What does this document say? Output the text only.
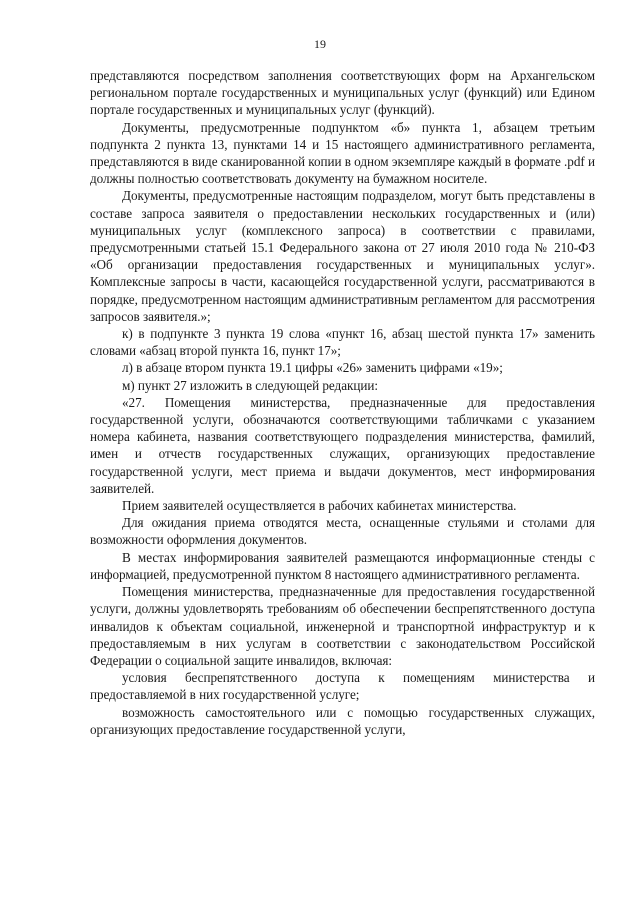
19

представляются посредством заполнения соответствующих форм на Архангельском региональном портале государственных и муниципальных услуг (функций) или Едином портале государственных и муниципальных услуг (функций).

Документы, предусмотренные подпунктом «б» пункта 1, абзацем третьим подпункта 2 пункта 13, пунктами 14 и 15 настоящего административного регламента, представляются в виде сканированной копии в одном экземпляре каждый в формате .pdf и должны полностью соответствовать документу на бумажном носителе.

Документы, предусмотренные настоящим подразделом, могут быть представлены в составе запроса заявителя о предоставлении нескольких государственных и (или) муниципальных услуг (комплексного запроса) в соответствии с правилами, предусмотренными статьей 15.1 Федерального закона от 27 июля 2010 года № 210-ФЗ «Об организации предоставления государственных и муниципальных услуг». Комплексные запросы в части, касающейся государственной услуги, рассматриваются в порядке, предусмотренном настоящим административным регламентом для рассмотрения запросов заявителя.»;

к) в подпункте 3 пункта 19 слова «пункт 16, абзац шестой пункта 17» заменить словами «абзац второй пункта 16, пункт 17»;

л) в абзаце втором пункта 19.1 цифры «26» заменить цифрами «19»;

м) пункт 27 изложить в следующей редакции:

«27. Помещения министерства, предназначенные для предоставления государственной услуги, обозначаются соответствующими табличками с указанием номера кабинета, названия соответствующего подразделения министерства, фамилий, имен и отчеств государственных служащих, организующих предоставление государственной услуги, мест приема и выдачи документов, мест информирования заявителей.

Прием заявителей осуществляется в рабочих кабинетах министерства.

Для ожидания приема отводятся места, оснащенные стульями и столами для возможности оформления документов.

В местах информирования заявителей размещаются информационные стенды с информацией, предусмотренной пунктом 8 настоящего административного регламента.

Помещения министерства, предназначенные для предоставления государственной услуги, должны удовлетворять требованиям об обеспечении беспрепятственного доступа инвалидов к объектам социальной, инженерной и транспортной инфраструктур и к предоставляемым в них услугам в соответствии с законодательством Российской Федерации о социальной защите инвалидов, включая:

условия беспрепятственного доступа к помещениям министерства и предоставляемой в них государственной услуге;

возможность самостоятельного или с помощью государственных служащих, организующих предоставление государственной услуги,
